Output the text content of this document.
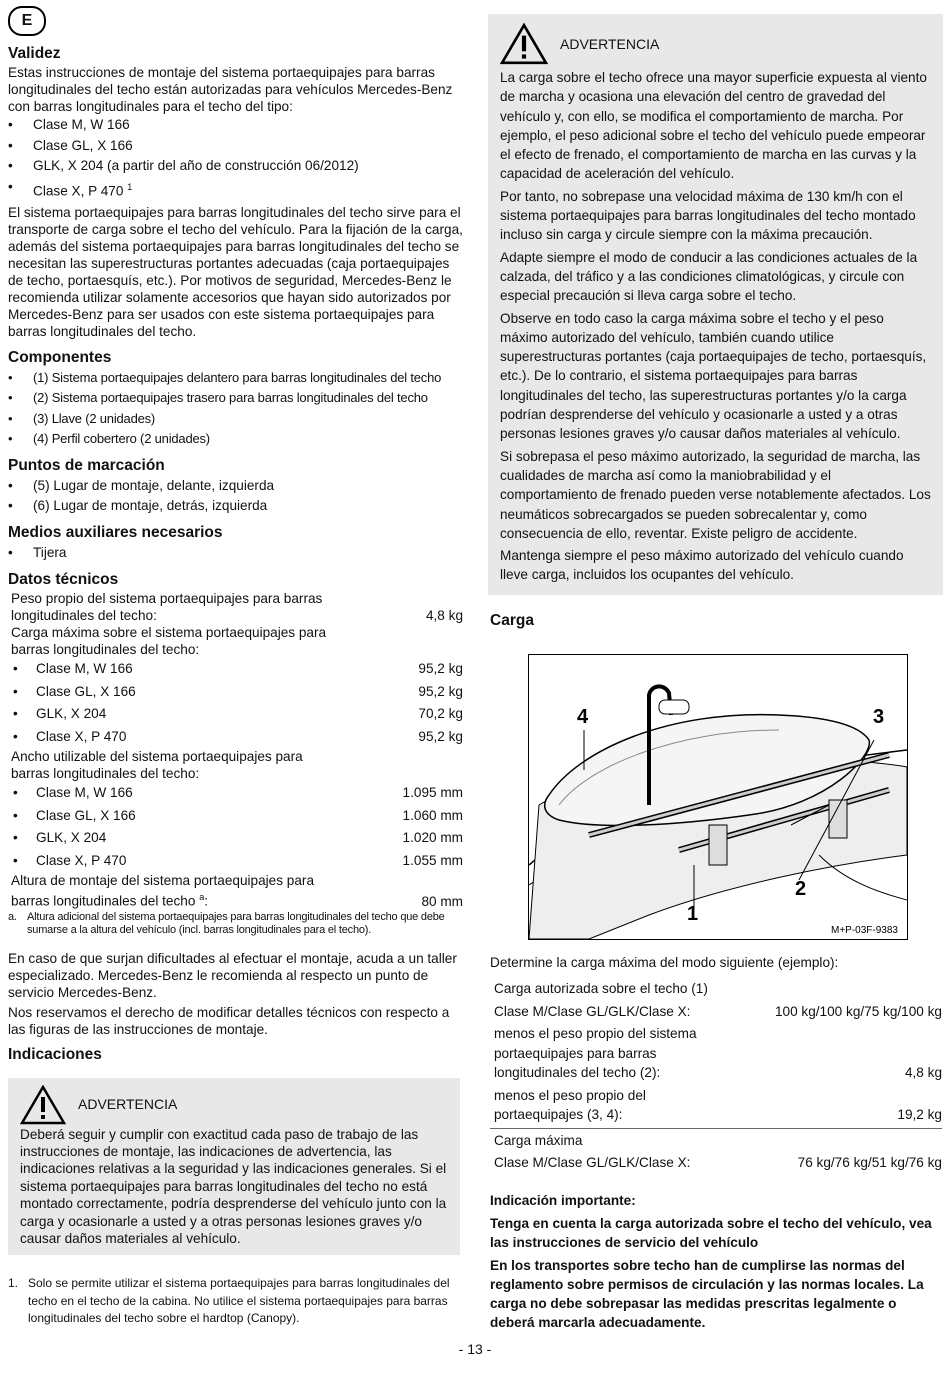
E
Validez

Estas instrucciones de montaje del sistema portaequipajes para barras longitudinales del techo están autorizadas para vehículos Mercedes-Benz con barras longitudinales para el techo del tipo:

• Clase M, W 166
• Clase GL, X 166
• GLK, X 204 (a partir del año de construcción 06/2012)
• Clase X, P 470 $^1$

El sistema portaequipajes para barras longitudinales del techo sirve para el transporte de carga sobre el techo del vehículo. Para la fijación de la carga, además del sistema portaequipajes para barras longitudinales del techo se necesitan las superestructuras portantes adecuadas (caja portaequipajes de techo, portaesquís, etc.). Por motivos de seguridad, Mercedes-Benz le recomienda utilizar solamente accesorios que hayan sido autorizados por Mercedes-Benz para ser usados con este sistema portaequipajes para barras longitudinales del techo.

Componentes
• (1) Sistema portaequipajes delantero para barras longitudinales del techo
• (2) Sistema portaequipajes trasero para barras longitudinales del techo
• (3) Llave (2 unidades)
• (4) Perfil cobertero (2 unidades)
Puntos de marcación
• (5) Lugar de montaje, delante, izquierda
• (6) Lugar de montaje, detrás, izquierda
Medios auxiliares necesarios
• Tijera
Datos técnicos
Peso propio del sistema portaequipajes para barras longitudinales del techo:	4,8 kg
Carga máxima sobre el sistema portaequipajes para barras longitudinales del techo:
• Clase M, W 166	95,2 kg
• Clase GL, X 166	95,2 kg
• GLK, X 204	70,2 kg
• Clase X, P 470	95,2 kg
Ancho utilizable del sistema portaequipajes para barras longitudinales del techo:
• Clase M, W 166	1.095 mm
• Clase GL, X 166	1.060 mm
• GLK, X 204	1.020 mm
• Clase X, P 470	1.055 mm
Altura de montaje del sistema portaequipajes para barras longitudinales del techo $^a$:	80 mm
a. Altura adicional del sistema portaequipajes para barras longitudinales del techo que debe sumarse a la altura del vehículo (incl. barras longitudinales para el techo).

En caso de que surjan dificultades al efectuar el montaje, acuda a un taller especializado. Mercedes-Benz le recomienda al respecto un punto de servicio Mercedes-Benz.

Nos reservamos el derecho de modificar detalles técnicos con respecto a las figuras de las instrucciones de montaje.

Indicaciones
ADVERTENCIA

Deberá seguir y cumplir con exactitud cada paso de trabajo de las instrucciones de montaje, las indicaciones de advertencia, las indicaciones relativas a la seguridad y las indicaciones generales. Si el sistema portaequipajes para barras longitudinales del techo no está montado correctamente, podría desprenderse del vehículo junto con la carga y ocasionarle a usted y a otras personas lesiones graves y/o causar daños materiales al vehículo.

1. Solo se permite utilizar el sistema portaequipajes para barras longitudinales del techo en el techo de la cabina. No utilice el sistema portaequipajes para barras longitudinales del techo sobre el hardtop (Canopy).
ADVERTENCIA

La carga sobre el techo ofrece una mayor superficie expuesta al viento de marcha y ocasiona una elevación del centro de gravedad del vehículo y, con ello, se modifica el comportamiento de marcha. Por ejemplo, el peso adicional sobre el techo del vehículo puede empeorar el efecto de frenado, el comportamiento de marcha en las curvas y la capacidad de aceleración del vehículo.

Por tanto, no sobrepase una velocidad máxima de 130 km/h con el sistema portaequipajes para barras longitudinales del techo montado incluso sin carga y circule siempre con la máxima precaución.

Adapte siempre el modo de conducir a las condiciones actuales de la calzada, del tráfico y a las condiciones climatológicas, y circule con especial precaución si lleva carga sobre el techo.

Observe en todo caso la carga máxima sobre el techo y el peso máximo autorizado del vehículo, también cuando utilice superestructuras portantes (caja portaequipajes de techo, portaesquís, etc.). De lo contrario, el sistema portaequipajes para barras longitudinales del techo, las superestructuras portantes y/o la carga podrían desprenderse del vehículo y ocasionarle a usted y a otras personas lesiones graves y/o causar daños materiales al vehículo.

Si sobrepasa el peso máximo autorizado, la seguridad de marcha, las cualidades de marcha así como la maniobrabilidad y el comportamiento de frenado pueden verse notablemente afectados. Los neumáticos sobrecargados se pueden sobrecalentar y, como consecuencia de ello, reventar. Existe peligro de accidente.

Mantenga siempre el peso máximo autorizado del vehículo cuando lleve carga, incluidos los ocupantes del vehículo.

Carga
4	3
2
1
M+P-03F-9383

Determine la carga máxima del modo siguiente (ejemplo):

Carga autorizada sobre el techo (1)
Clase M/Clase GL/GLK/Clase X:	100 kg/100 kg/75 kg/100 kg
menos el peso propio del sistema portaequipajes para barras longitudinales del techo (2):	4,8 kg
menos el peso propio del portaequipajes (3, 4):	19,2 kg
Carga máxima
Clase M/Clase GL/GLK/Clase X:	76 kg/76 kg/51 kg/76 kg

Indicación importante:

Tenga en cuenta la carga autorizada sobre el techo del vehículo, vea las instrucciones de servicio del vehículo

En los transportes sobre techo han de cumplirse las normas del reglamento sobre permisos de circulación y las normas locales. La carga no debe sobrepasar las medidas prescritas legalmente o deberá marcarla adecuadamente.

- 13 -
